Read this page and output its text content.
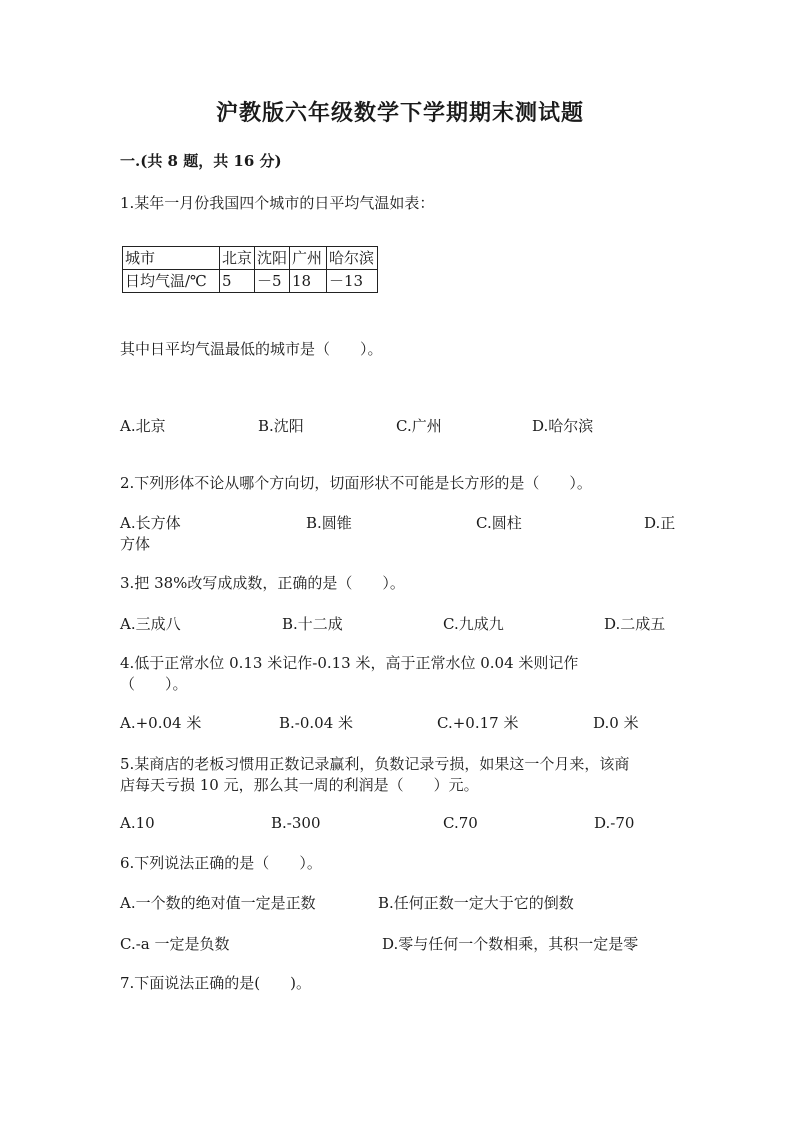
沪教版六年级数学下学期期末测试题
一.(共 8 题，共 16 分)
1.某年一月份我国四个城市的日平均气温如表：
城市	北京	沈阳	广州	哈尔滨
日均气温/℃	5	－5	18	－13
其中日平均气温最低的城市是（　　）。
A.北京	B.沈阳	C.广州	D.哈尔滨
2.下列形体不论从哪个方向切，切面形状不可能是长方形的是（　　）。
A.长方体	B.圆锥	C.圆柱	D.正
方体
3.把 38%改写成成数，正确的是（　　）。
A.三成八	B.十二成	C.九成九	D.二成五
4.低于正常水位 0.13 米记作-0.13 米，高于正常水位 0.04 米则记作
（　　）。
A.+0.04 米	B.-0.04 米	C.+0.17 米	D.0 米
5.某商店的老板习惯用正数记录赢利，负数记录亏损，如果这一个月来，该商
店每天亏损 10 元，那么其一周的利润是（　　）元。
A.10	B.-300	C.70	D.-70
6.下列说法正确的是（　　）。
A.一个数的绝对值一定是正数	B.任何正数一定大于它的倒数
C.-a 一定是负数	D.零与任何一个数相乘，其积一定是零
7.下面说法正确的是(　　)。
